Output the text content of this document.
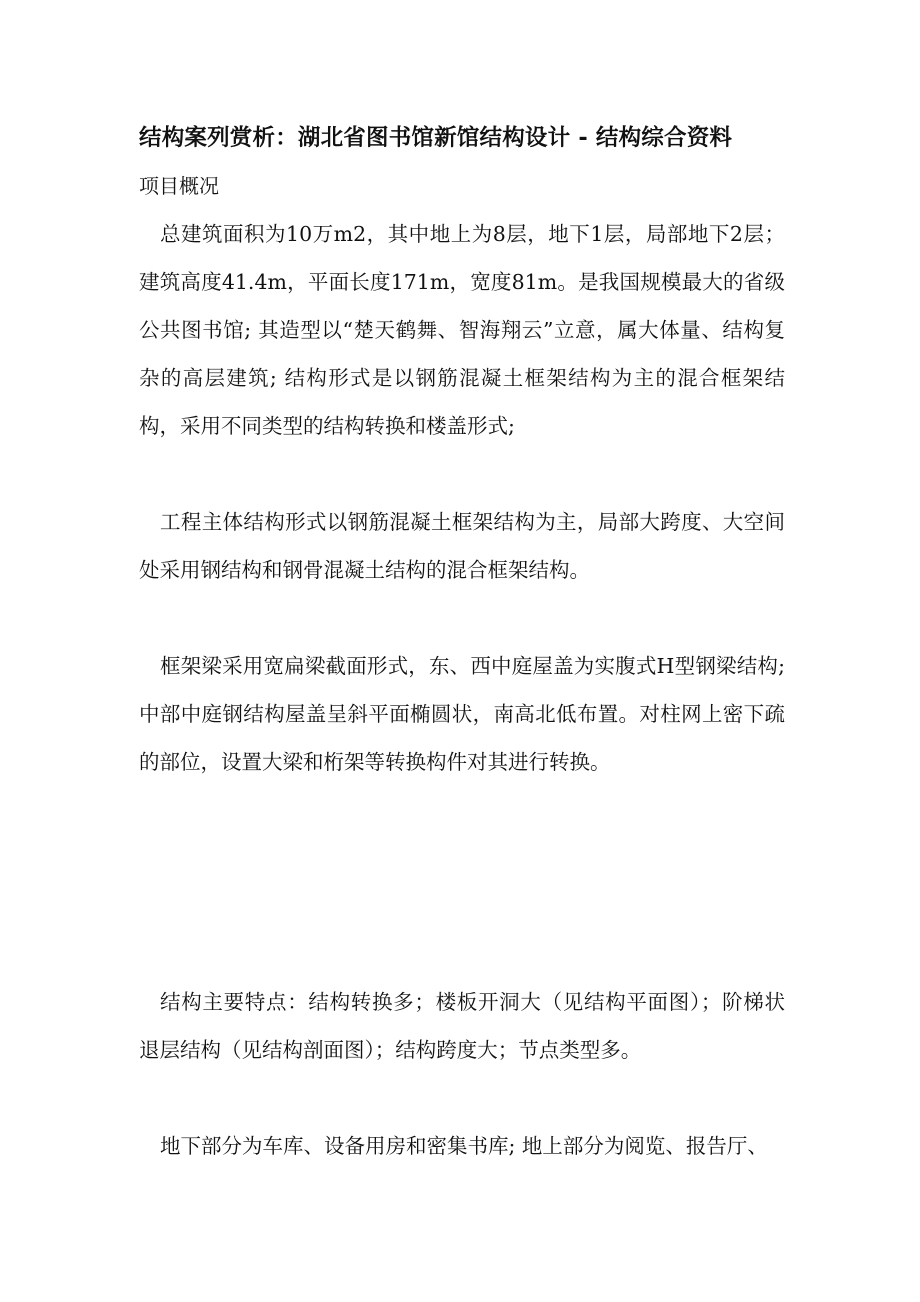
结构案列赏析：湖北省图书馆新馆结构设计 - 结构综合资料
项目概况

总建筑面积为10万m2，其中地上为8层，地下1层，局部地下2层；建筑高度41.4m，平面长度171m，宽度81m。是我国规模最大的省级公共图书馆; 其造型以“楚天鹤舞、智海翔云”立意，属大体量、结构复杂的高层建筑; 结构形式是以钢筋混凝土框架结构为主的混合框架结构，采用不同类型的结构转换和楼盖形式;

工程主体结构形式以钢筋混凝土框架结构为主，局部大跨度、大空间处采用钢结构和钢骨混凝土结构的混合框架结构。

框架梁采用宽扁梁截面形式，东、西中庭屋盖为实腹式H型钢梁结构; 中部中庭钢结构屋盖呈斜平面椭圆状，南高北低布置。对柱网上密下疏的部位，设置大梁和桁架等转换构件对其进行转换。

结构主要特点：结构转换多；楼板开洞大（见结构平面图）；阶梯状退层结构（见结构剖面图）；结构跨度大；节点类型多。

地下部分为车库、设备用房和密集书库; 地上部分为阅览、报告厅、
